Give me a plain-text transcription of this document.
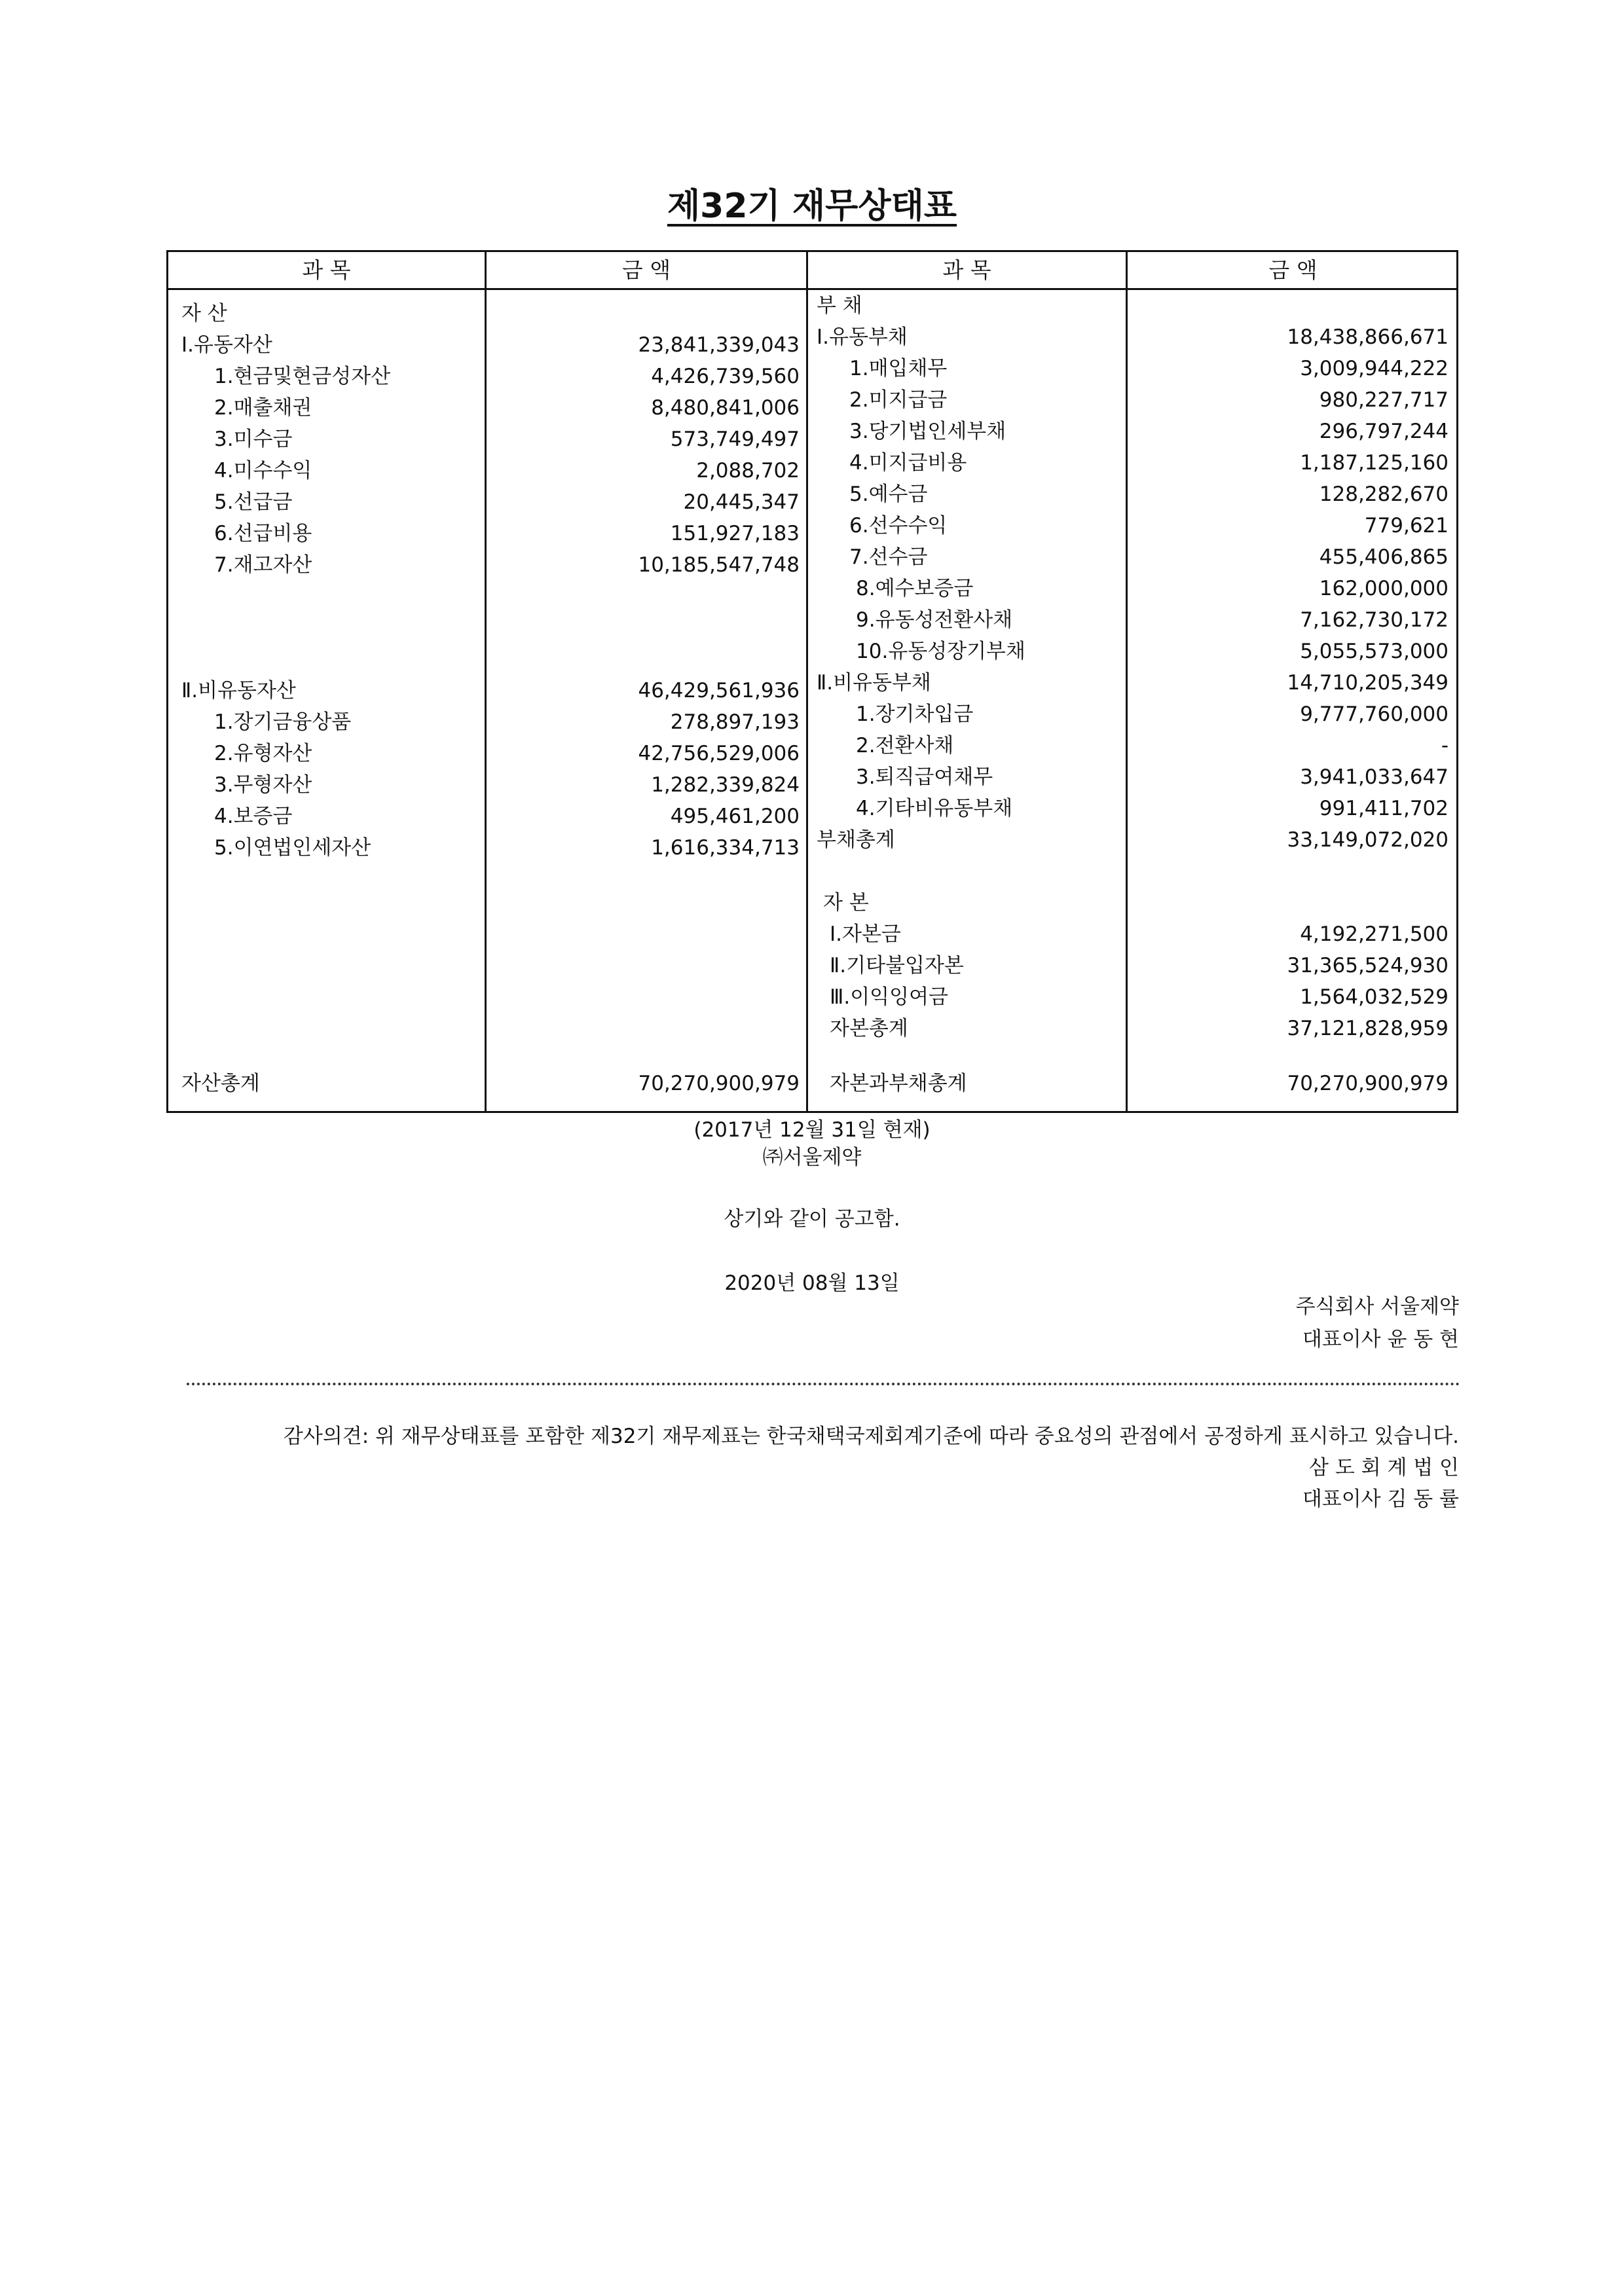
제32기 재무상태표
과 목	금 액	과 목	금 액
자 산
Ⅰ.유동자산	23,841,339,043
1.현금및현금성자산	4,426,739,560
2.매출채권	8,480,841,006
3.미수금	573,749,497
4.미수수익	2,088,702
5.선급금	20,445,347
6.선급비용	151,927,183
7.재고자산	10,185,547,748
Ⅱ.비유동자산	46,429,561,936
1.장기금융상품	278,897,193
2.유형자산	42,756,529,006
3.무형자산	1,282,339,824
4.보증금	495,461,200
5.이연법인세자산	1,616,334,713
자산총계	70,270,900,979
부 채
Ⅰ.유동부채	18,438,866,671
1.매입채무	3,009,944,222
2.미지급금	980,227,717
3.당기법인세부채	296,797,244
4.미지급비용	1,187,125,160
5.예수금	128,282,670
6.선수수익	779,621
7.선수금	455,406,865
8.예수보증금	162,000,000
9.유동성전환사채	7,162,730,172
10.유동성장기부채	5,055,573,000
Ⅱ.비유동부채	14,710,205,349
1.장기차입금	9,777,760,000
2.전환사채	-
3.퇴직급여채무	3,941,033,647
4.기타비유동부채	991,411,702
부채총계	33,149,072,020
자 본
Ⅰ.자본금	4,192,271,500
Ⅱ.기타불입자본	31,365,524,930
Ⅲ.이익잉여금	1,564,032,529
자본총계	37,121,828,959
자본과부채총계	70,270,900,979
(2017년 12월 31일 현재)
㈜서울제약
상기와 같이 공고함.
2020년 08월 13일
주식회사 서울제약
대표이사 윤 동 현
감사의견: 위 재무상태표를 포함한 제32기 재무제표는 한국채택국제회계기준에 따라 중요성의 관점에서 공정하게 표시하고 있습니다.
삼 도 회 계 법 인
대표이사 김 동 률
